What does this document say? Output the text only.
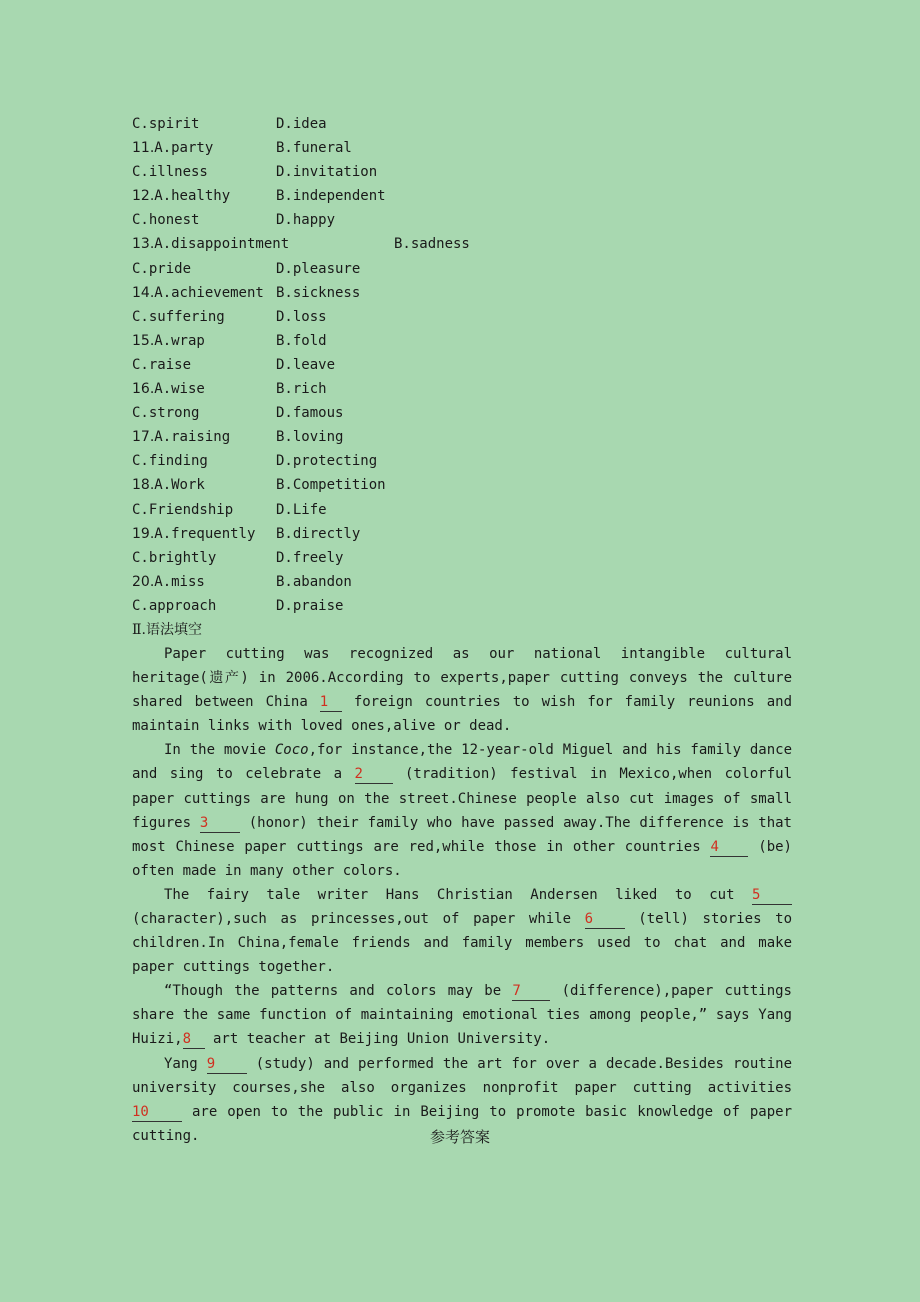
C.spirit	D.idea
11.A.party	B.funeral
C.illness	D.invitation
12.A.healthy	B.independent
C.honest	D.happy
13.A.disappointment	B.sadness
C.pride	D.pleasure
14.A.achievement B.sickness
C.suffering	D.loss
15.A.wrap	B.fold
C.raise	D.leave
16.A.wise	B.rich
C.strong	D.famous
17.A.raising	B.loving
C.finding	D.protecting
18.A.Work	B.Competition
C.Friendship	D.Life
19.A.frequently B.directly
C.brightly	D.freely
20.A.miss	B.abandon
C.approach	D.praise
Ⅱ.语法填空

Paper cutting was recognized as our national intangible cultural heritage(遗产) in 2006.According to experts,paper cutting conveys the culture shared between China 1 foreign countries to wish for family reunions and maintain links with loved ones,alive or dead.

In the movie Coco,for instance,the 12-year-old Miguel and his family dance and sing to celebrate a 2 (tradition) festival in Mexico,when colorful paper cuttings are hung on the street.Chinese people also cut images of small figures 3 (honor) their family who have passed away.The difference is that most Chinese paper cuttings are red,while those in other countries 4 (be) often made in many other colors.

The fairy tale writer Hans Christian Andersen liked to cut 5 (character),such as princesses,out of paper while 6 (tell) stories to children.In China,female friends and family members used to chat and make paper cuttings together.

“Though the patterns and colors may be 7 (difference),paper cuttings share the same function of maintaining emotional ties among people,” says Yang Huizi,8 art teacher at Beijing Union University.

Yang 9 (study) and performed the art for over a decade.Besides routine university courses,she also organizes nonprofit paper cutting activities 10 are open to the public in Beijing to promote basic knowledge of paper cutting.	参考答案
